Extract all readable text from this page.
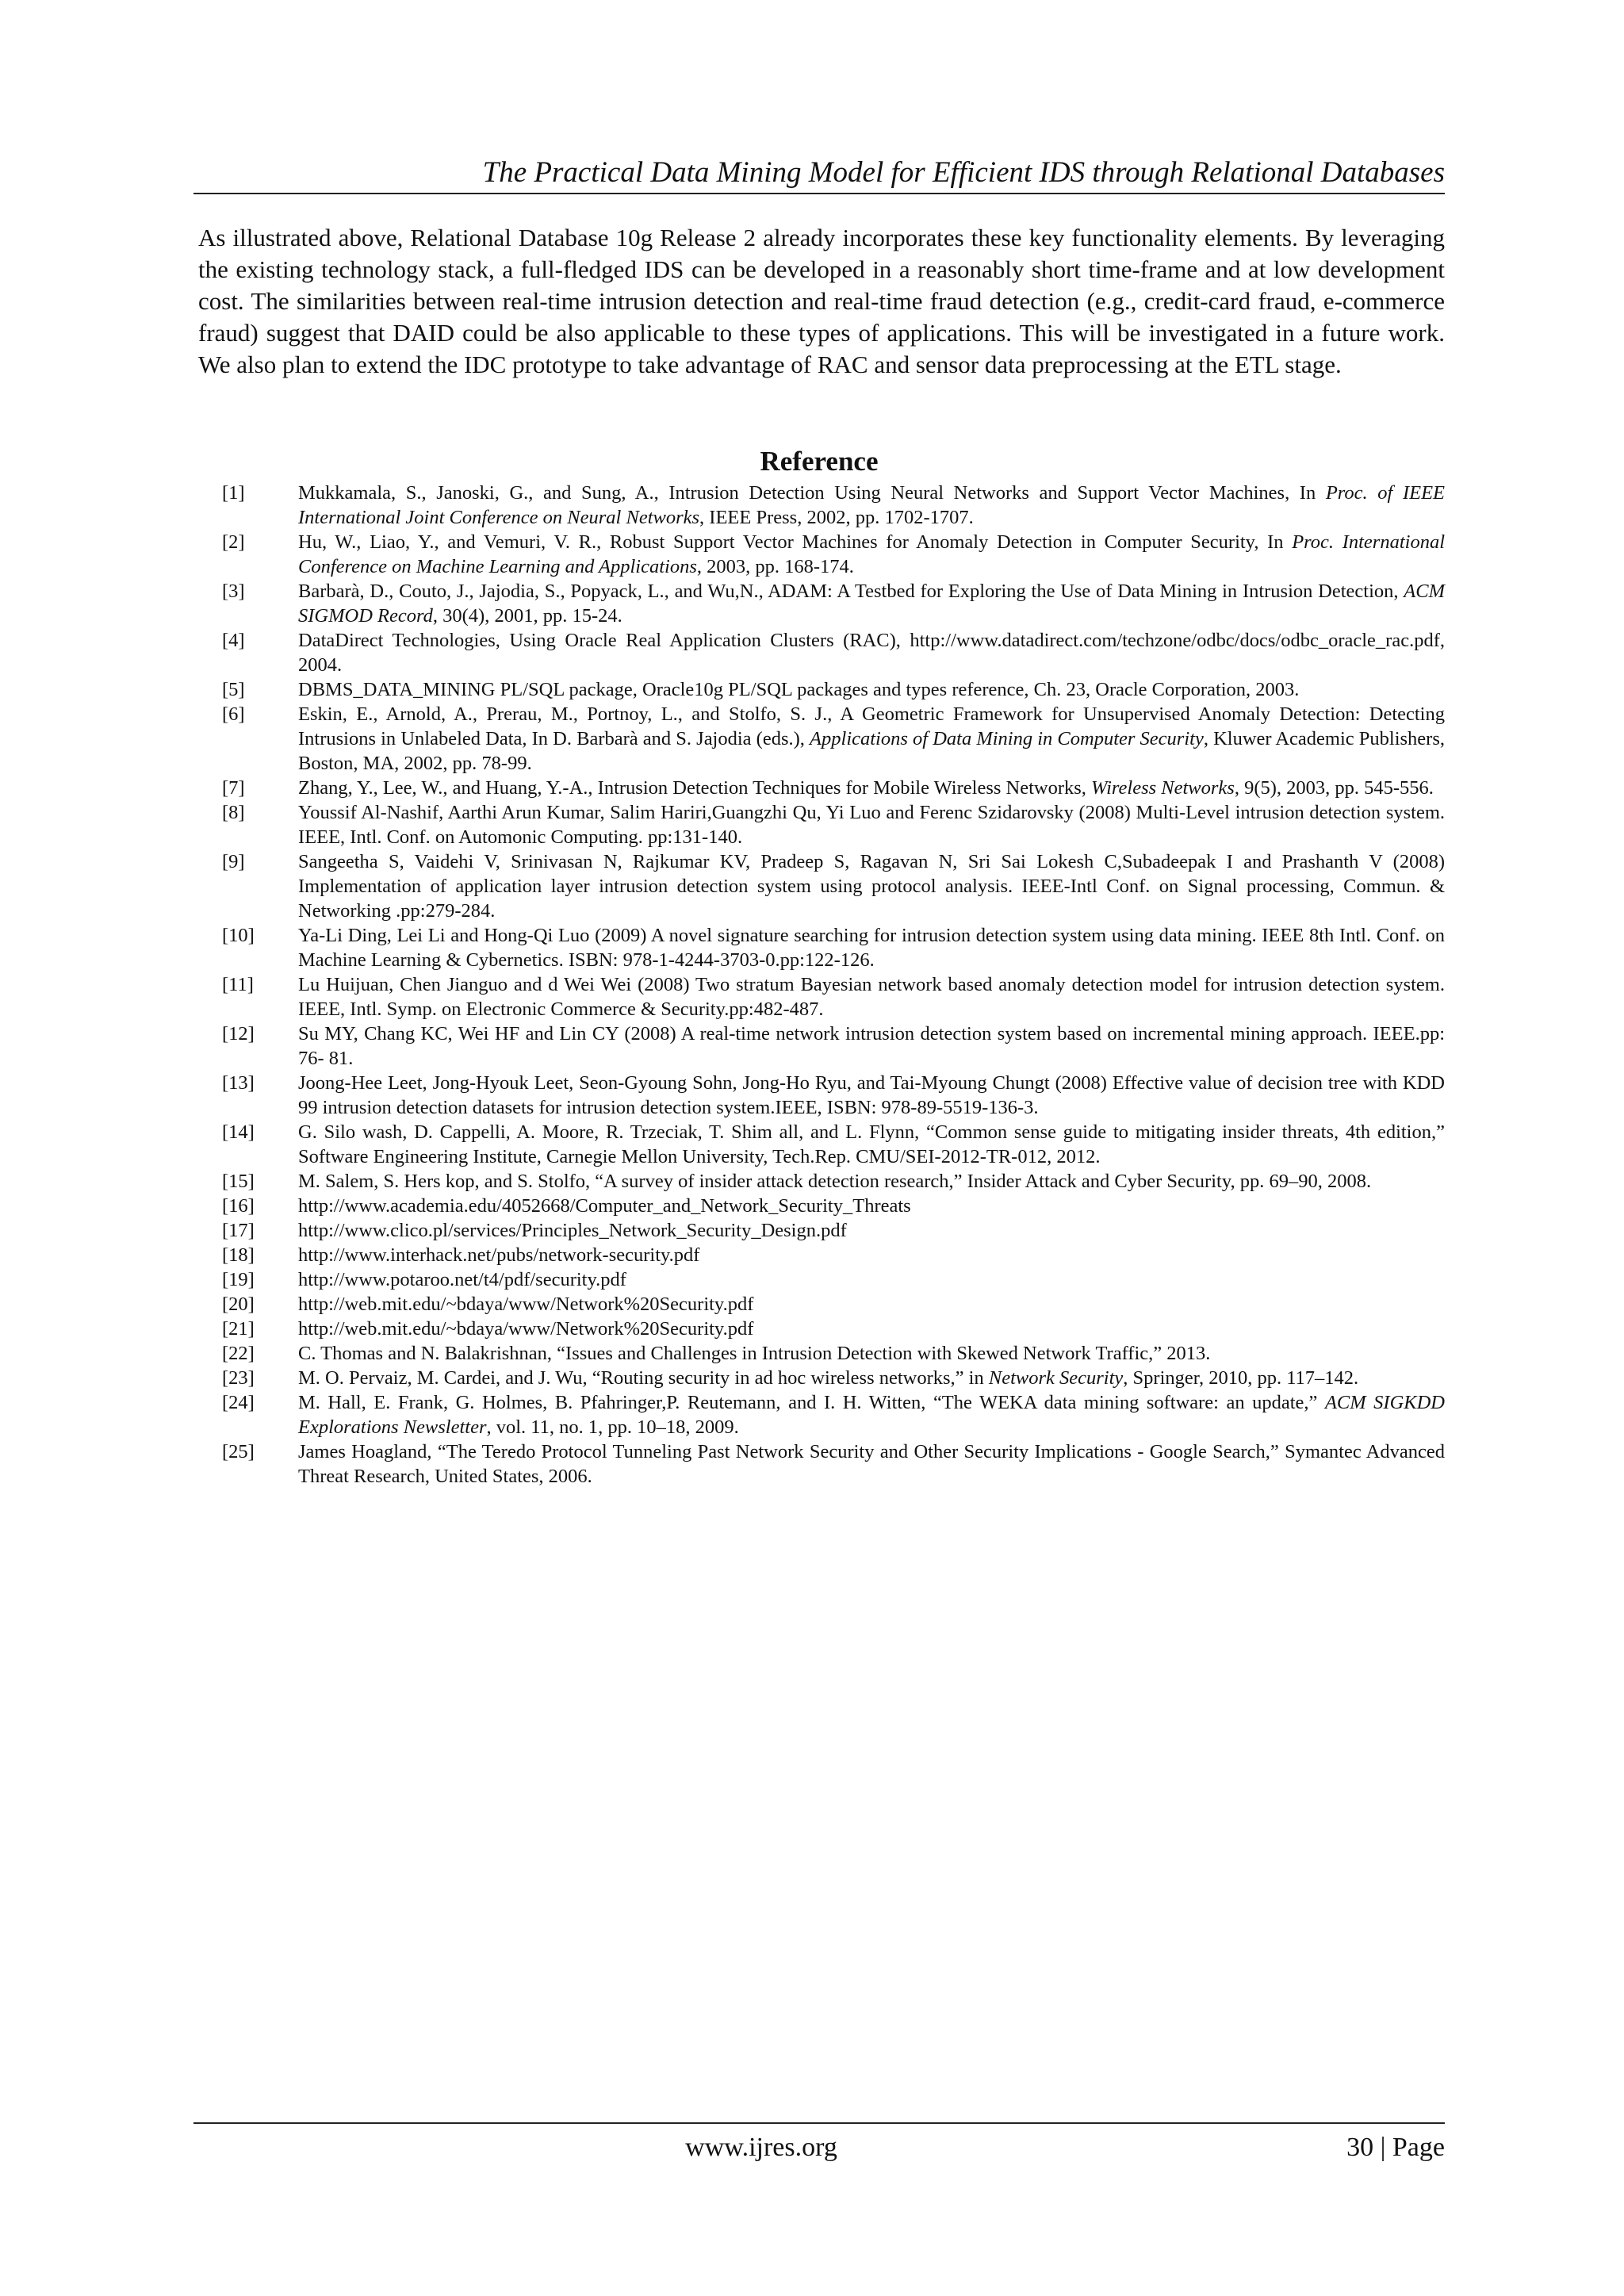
The Practical Data Mining Model for Efficient IDS through Relational Databases
As illustrated above, Relational Database 10g Release 2 already incorporates these key functionality elements. By leveraging the existing technology stack, a full-fledged IDS can be developed in a reasonably short time-frame and at low development cost. The similarities between real-time intrusion detection and real-time fraud detection (e.g., credit-card fraud, e-commerce fraud) suggest that DAID could be also applicable to these types of applications. This will be investigated in a future work. We also plan to extend the IDC prototype to take advantage of RAC and sensor data preprocessing at the ETL stage.
Reference
[1]	Mukkamala, S., Janoski, G., and Sung, A., Intrusion Detection Using Neural Networks and Support Vector Machines, In Proc. of IEEE International Joint Conference on Neural Networks, IEEE Press, 2002, pp. 1702-1707.
[2]	Hu, W., Liao, Y., and Vemuri, V. R., Robust Support Vector Machines for Anomaly Detection in Computer Security, In Proc. International Conference on Machine Learning and Applications, 2003, pp. 168-174.
[3]	Barbarà, D., Couto, J., Jajodia, S., Popyack, L., and Wu,N., ADAM: A Testbed for Exploring the Use of Data Mining in Intrusion Detection, ACM SIGMOD Record, 30(4), 2001, pp. 15-24.
[4]	DataDirect Technologies, Using Oracle Real Application Clusters (RAC), http://www.datadirect.com/techzone/odbc/docs/odbc_oracle_rac.pdf, 2004.
[5]	DBMS_DATA_MINING PL/SQL package, Oracle10g PL/SQL packages and types reference, Ch. 23, Oracle Corporation, 2003.
[6]	Eskin, E., Arnold, A., Prerau, M., Portnoy, L., and Stolfo, S. J., A Geometric Framework for Unsupervised Anomaly Detection: Detecting Intrusions in Unlabeled Data, In D. Barbarà and S. Jajodia (eds.), Applications of Data Mining in Computer Security, Kluwer Academic Publishers, Boston, MA, 2002, pp. 78-99.
[7]	Zhang, Y., Lee, W., and Huang, Y.-A., Intrusion Detection Techniques for Mobile Wireless Networks, Wireless Networks, 9(5), 2003, pp. 545-556.
[8]	Youssif Al-Nashif, Aarthi Arun Kumar, Salim Hariri,Guangzhi Qu, Yi Luo and Ferenc Szidarovsky (2008) Multi-Level intrusion detection system. IEEE, Intl. Conf. on Automonic Computing. pp:131-140.
[9]	Sangeetha S, Vaidehi V, Srinivasan N, Rajkumar KV, Pradeep S, Ragavan N, Sri Sai Lokesh C,Subadeepak I and Prashanth V (2008) Implementation of application layer intrusion detection system using protocol analysis. IEEE-Intl Conf. on Signal processing, Commun. & Networking .pp:279-284.
[10]	Ya-Li Ding, Lei Li and Hong-Qi Luo (2009) A novel signature searching for intrusion detection system using data mining. IEEE 8th Intl. Conf. on Machine Learning & Cybernetics. ISBN: 978-1-4244-3703-0.pp:122-126.
[11]	Lu Huijuan, Chen Jianguo and d Wei Wei (2008) Two stratum Bayesian network based anomaly detection model for intrusion detection system. IEEE, Intl. Symp. on Electronic Commerce & Security.pp:482-487.
[12]	Su MY, Chang KC, Wei HF and Lin CY (2008) A real-time network intrusion detection system based on incremental mining approach. IEEE.pp: 76- 81.
[13]	Joong-Hee Leet, Jong-Hyouk Leet, Seon-Gyoung Sohn, Jong-Ho Ryu, and Tai-Myoung Chungt (2008) Effective value of decision tree with KDD 99 intrusion detection datasets for intrusion detection system.IEEE, ISBN: 978-89-5519-136-3.
[14]	G. Silo wash, D. Cappelli, A. Moore, R. Trzeciak, T. Shim all, and L. Flynn, “Common sense guide to mitigating insider threats, 4th edition,” Software Engineering Institute, Carnegie Mellon University, Tech.Rep. CMU/SEI-2012-TR-012, 2012.
[15]	M. Salem, S. Hers kop, and S. Stolfo, “A survey of insider attack detection research,” Insider Attack and Cyber Security, pp. 69–90, 2008.
[16]	http://www.academia.edu/4052668/Computer_and_Network_Security_Threats
[17]	http://www.clico.pl/services/Principles_Network_Security_Design.pdf
[18]	http://www.interhack.net/pubs/network-security.pdf
[19]	http://www.potaroo.net/t4/pdf/security.pdf
[20]	http://web.mit.edu/~bdaya/www/Network%20Security.pdf
[21]	http://web.mit.edu/~bdaya/www/Network%20Security.pdf
[22]	C. Thomas and N. Balakrishnan, “Issues and Challenges in Intrusion Detection with Skewed Network Traffic,” 2013.
[23]	M. O. Pervaiz, M. Cardei, and J. Wu, “Routing security in ad hoc wireless networks,” in Network Security, Springer, 2010, pp. 117–142.
[24]	M. Hall, E. Frank, G. Holmes, B. Pfahringer,P. Reutemann, and I. H. Witten, “The WEKA data mining software: an update,” ACM SIGKDD Explorations Newsletter, vol. 11, no. 1, pp. 10–18, 2009.
[25]	James Hoagland, “The Teredo Protocol Tunneling Past Network Security and Other Security Implications - Google Search,” Symantec Advanced Threat Research, United States, 2006.
www.ijres.org	30 | Page
